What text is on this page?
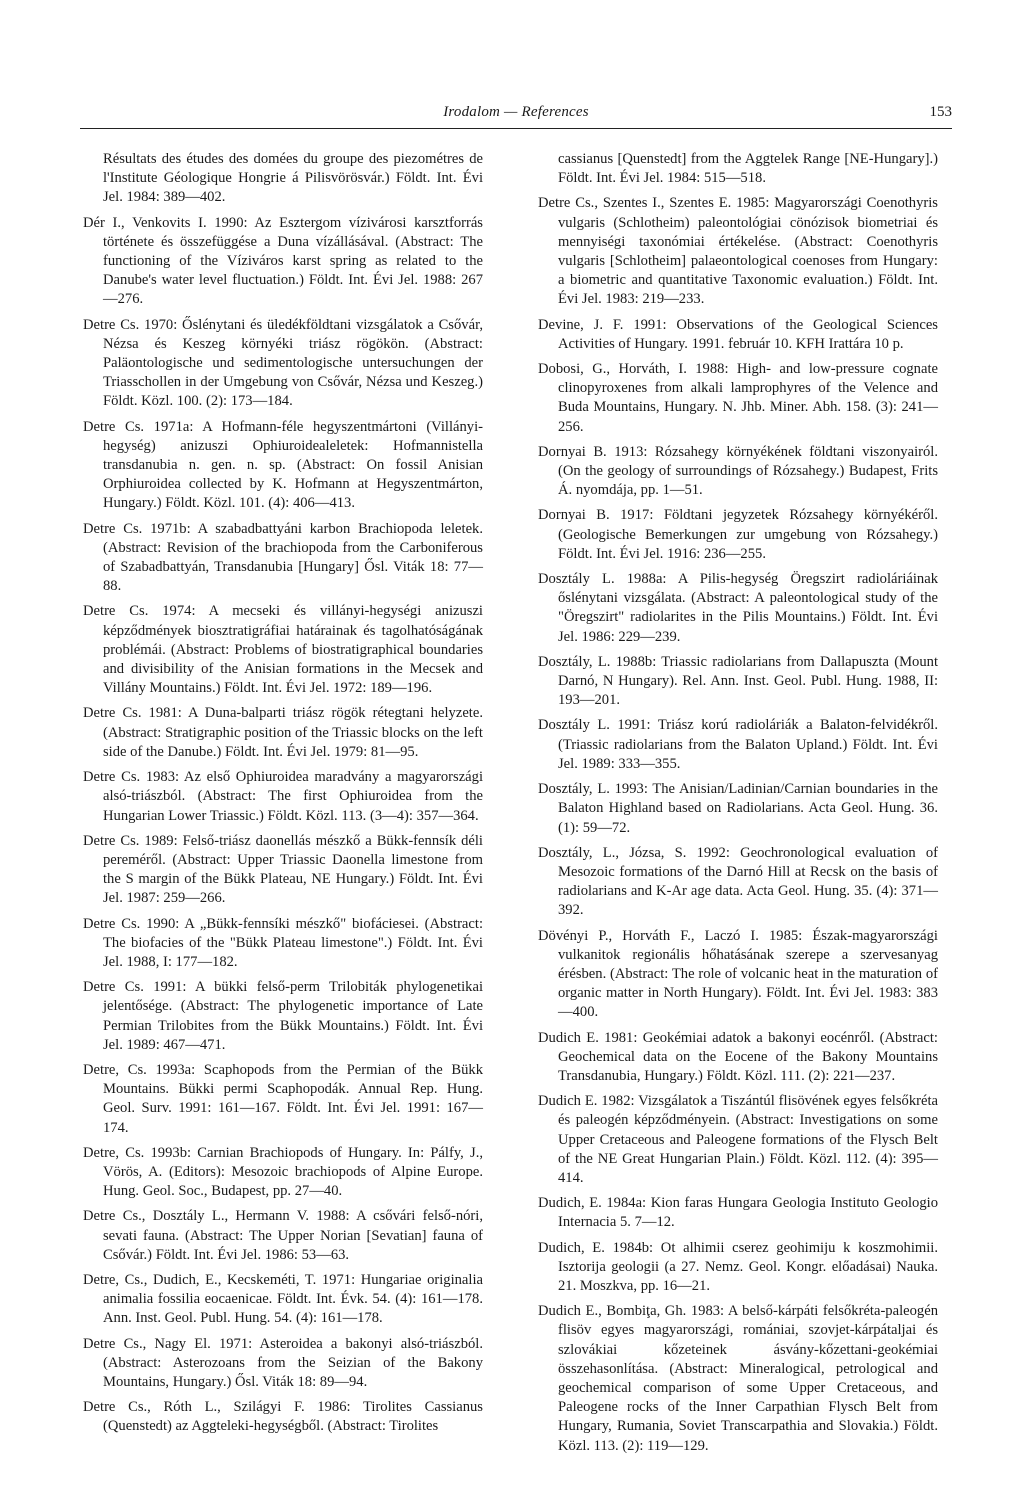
Irodalom — References	153

Résultats des études des domées du groupe des piezométres de l'Institute Géologique Hongrie á Pilisvörösvár.) Földt. Int. Évi Jel. 1984: 389—402.

Dér I., Venkovits I. 1990: Az Esztergom vízivárosi karsztforrás története és összefüggése a Duna vízállásával. (Abstract: The functioning of the Víziváros karst spring as related to the Danube's water level fluctuation.) Földt. Int. Évi Jel. 1988: 267—276.

Detre Cs. 1970: Őslénytani és üledékföldtani vizsgálatok a Csővár, Nézsa és Keszeg környéki triász rögökön. (Abstract: Paläontologische und sedimentologische untersuchungen der Triasschollen in der Umgebung von Csővár, Nézsa und Keszeg.) Földt. Közl. 100. (2): 173—184.

Detre Cs. 1971a: A Hofmann-féle hegyszentmártoni (Villányi-hegység) anizuszi Ophiuroidealeletek: Hofmannistella transdanubia n. gen. n. sp. (Abstract: On fossil Anisian Orphiuroidea collected by K. Hofmann at Hegyszentmárton, Hungary.) Földt. Közl. 101. (4): 406—413.

Detre Cs. 1971b: A szabadbattyáni karbon Brachiopoda leletek. (Abstract: Revision of the brachiopoda from the Carboniferous of Szabadbattyán, Transdanubia [Hungary] Ősl. Viták 18: 77—88.

Detre Cs. 1974: A mecseki és villányi-hegységi anizuszi képződmények biosztratigráfiai határainak és tagolhatóságának problémái. (Abstract: Problems of biostratigraphical boundaries and divisibility of the Anisian formations in the Mecsek and Villány Mountains.) Földt. Int. Évi Jel. 1972: 189—196.

Detre Cs. 1981: A Duna-balparti triász rögök rétegtani helyzete. (Abstract: Stratigraphic position of the Triassic blocks on the left side of the Danube.) Földt. Int. Évi Jel. 1979: 81—95.

Detre Cs. 1983: Az első Ophiuroidea maradvány a magyarországi alsó-triászból. (Abstract: The first Ophiuroidea from the Hungarian Lower Triassic.) Földt. Közl. 113. (3—4): 357—364.

Detre Cs. 1989: Felső-triász daonellás mészkő a Bükk-fennsík déli pereméről. (Abstract: Upper Triassic Daonella limestone from the S margin of the Bükk Plateau, NE Hungary.) Földt. Int. Évi Jel. 1987: 259—266.

Detre Cs. 1990: A „Bükk-fennsíki mészkő" biofáciesei. (Abstract: The biofacies of the "Bükk Plateau limestone".) Földt. Int. Évi Jel. 1988, I: 177—182.

Detre Cs. 1991: A bükki felső-perm Trilobiták phylogenetikai jelentősége. (Abstract: The phylogenetic importance of Late Permian Trilobites from the Bükk Mountains.) Földt. Int. Évi Jel. 1989: 467—471.

Detre, Cs. 1993a: Scaphopods from the Permian of the Bükk Mountains. Bükki permi Scaphopodák. Annual Rep. Hung. Geol. Surv. 1991: 161—167. Földt. Int. Évi Jel. 1991: 167—174.

Detre, Cs. 1993b: Carnian Brachiopods of Hungary. In: Pálfy, J., Vörös, A. (Editors): Mesozoic brachiopods of Alpine Europe. Hung. Geol. Soc., Budapest, pp. 27—40.

Detre Cs., Dosztály L., Hermann V. 1988: A csővári felső-nóri, sevati fauna. (Abstract: The Upper Norian [Sevatian] fauna of Csővár.) Földt. Int. Évi Jel. 1986: 53—63.

Detre, Cs., Dudich, E., Kecskeméti, T. 1971: Hungariae originalia animalia fossilia eocaenicae. Földt. Int. Évk. 54. (4): 161—178. Ann. Inst. Geol. Publ. Hung. 54. (4): 161—178.

Detre Cs., Nagy El. 1971: Asteroidea a bakonyi alsó-triászból. (Abstract: Asterozoans from the Seizian of the Bakony Mountains, Hungary.) Ősl. Viták 18: 89—94.

Detre Cs., Róth L., Szilágyi F. 1986: Tirolites Cassianus (Quenstedt) az Aggteleki-hegységből. (Abstract: Tirolites

cassianus [Quenstedt] from the Aggtelek Range [NE-Hungary].) Földt. Int. Évi Jel. 1984: 515—518.

Detre Cs., Szentes I., Szentes E. 1985: Magyarországi Coenothyris vulgaris (Schlotheim) paleontológiai cönózisok biometriai és mennyiségi taxonómiai értékelése. (Abstract: Coenothyris vulgaris [Schlotheim] palaeontological coenoses from Hungary: a biometric and quantitative Taxonomic evaluation.) Földt. Int. Évi Jel. 1983: 219—233.

Devine, J. F. 1991: Observations of the Geological Sciences Activities of Hungary. 1991. február 10. KFH Irattára 10 p.

Dobosi, G., Horváth, I. 1988: High- and low-pressure cognate clinopyroxenes from alkali lamprophyres of the Velence and Buda Mountains, Hungary. N. Jhb. Miner. Abh. 158. (3): 241—256.

Dornyai B. 1913: Rózsahegy környékének földtani viszonyairól. (On the geology of surroundings of Rózsahegy.) Budapest, Frits Á. nyomdája, pp. 1—51.

Dornyai B. 1917: Földtani jegyzetek Rózsahegy környékéről. (Geologische Bemerkungen zur umgebung von Rózsahegy.) Földt. Int. Évi Jel. 1916: 236—255.

Dosztály L. 1988a: A Pilis-hegység Öregszirt radioláriáinak őslénytani vizsgálata. (Abstract: A paleontological study of the "Öregszirt" radiolarites in the Pilis Mountains.) Földt. Int. Évi Jel. 1986: 229—239.

Dosztály, L. 1988b: Triassic radiolarians from Dallapuszta (Mount Darnó, N Hungary). Rel. Ann. Inst. Geol. Publ. Hung. 1988, II: 193—201.

Dosztály L. 1991: Triász korú radioláriák a Balaton-felvidékről. (Triassic radiolarians from the Balaton Upland.) Földt. Int. Évi Jel. 1989: 333—355.

Dosztály, L. 1993: The Anisian/Ladinian/Carnian boundaries in the Balaton Highland based on Radiolarians. Acta Geol. Hung. 36. (1): 59—72.

Dosztály, L., Józsa, S. 1992: Geochronological evaluation of Mesozoic formations of the Darnó Hill at Recsk on the basis of radiolarians and K-Ar age data. Acta Geol. Hung. 35. (4): 371—392.

Dövényi P., Horváth F., Laczó I. 1985: Észak-magyarországi vulkanitok regionális hőhatásának szerepe a szervesanyag érésben. (Abstract: The role of volcanic heat in the maturation of organic matter in North Hungary). Földt. Int. Évi Jel. 1983: 383—400.

Dudich E. 1981: Geokémiai adatok a bakonyi eocénről. (Abstract: Geochemical data on the Eocene of the Bakony Mountains Transdanubia, Hungary.) Földt. Közl. 111. (2): 221—237.

Dudich E. 1982: Vizsgálatok a Tiszántúl flisövének egyes felsőkréta és paleogén képződményein. (Abstract: Investigations on some Upper Cretaceous and Paleogene formations of the Flysch Belt of the NE Great Hungarian Plain.) Földt. Közl. 112. (4): 395—414.

Dudich, E. 1984a: Kion faras Hungara Geologia Instituto Geologio Internacia 5. 7—12.

Dudich, E. 1984b: Ot alhimii cserez geohimiju k koszmohimii. Isztorija geologii (a 27. Nemz. Geol. Kongr. előadásai) Nauka. 21. Moszkva, pp. 16—21.

Dudich E., Bombiţa, Gh. 1983: A belső-kárpáti felsőkréta-paleogén flisöv egyes magyarországi, romániai, szovjet-kárpátaljai és szlovákiai kőzeteinek ásvány-kőzettani-geokémiai összehasonlítása. (Abstract: Mineralogical, petrological and geochemical comparison of some Upper Cretaceous, and Paleogene rocks of the Inner Carpathian Flysch Belt from Hungary, Rumania, Soviet Transcarpathia and Slovakia.) Földt. Közl. 113. (2): 119—129.
